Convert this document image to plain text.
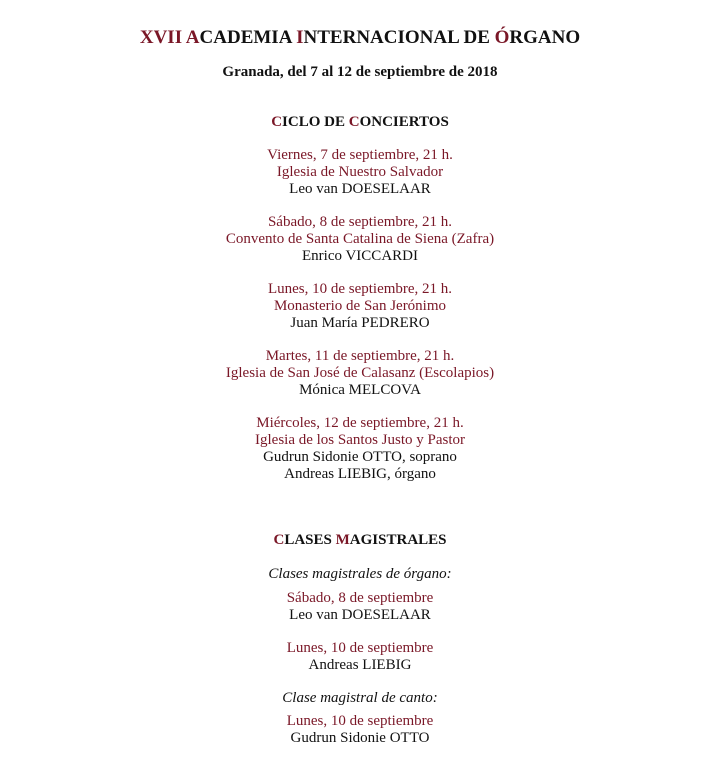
XVII ACADEMIA INTERNACIONAL DE ÓRGANO
Granada, del 7 al 12 de septiembre de 2018
CICLO DE CONCIERTOS
Viernes, 7 de septiembre, 21 h.
Iglesia de Nuestro Salvador
Leo van DOESELAAR
Sábado, 8 de septiembre, 21 h.
Convento de Santa Catalina de Siena (Zafra)
Enrico VICCARDI
Lunes, 10 de septiembre, 21 h.
Monasterio de San Jerónimo
Juan María PEDRERO
Martes, 11 de septiembre, 21 h.
Iglesia de San José de Calasanz (Escolapios)
Mónica MELCOVA
Miércoles, 12 de septiembre, 21 h.
Iglesia de los Santos Justo y Pastor
Gudrun Sidonie OTTO, soprano
Andreas LIEBIG, órgano
CLASES MAGISTRALES
Clases magistrales de órgano:
Sábado, 8 de septiembre
Leo van DOESELAAR
Lunes, 10 de septiembre
Andreas LIEBIG
Clase magistral de canto:
Lunes, 10 de septiembre
Gudrun Sidonie OTTO
